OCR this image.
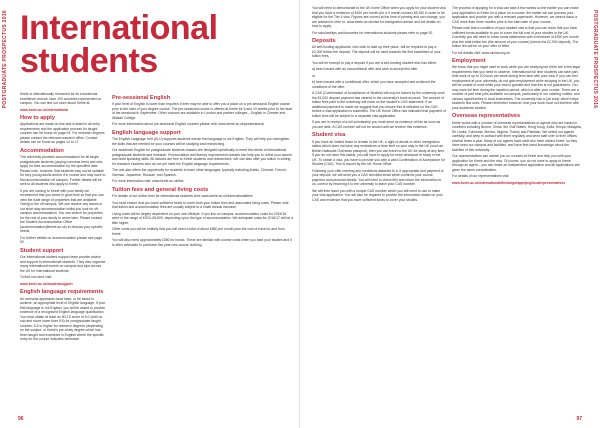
POSTGRADUATE PROSPECTUS 2016 International students

Keele is internationally renowned for its educational excellence and we have 100 countries represented on campus. You can find out more about Keele at:

www.keele.ac.uk/international
How to apply

Applications are made on-line and is listed in all entry requirements and the application process for taught courses can be found on page 94. For research degrees please contact the relevant research office. Contact details can be found on pages 14 to 17.

Accommodation

The university provides accommodation for all single postgraduate students (paying overseas fees) and who apply for their accommodation by the specified date. Please note, however, that students may not be suitable for very young adults and/or if in course and may have to find accommodation off campus. Further details will be sent to all students who apply to Keele.

If you are coming to Keele with your family we recommend that you arrive in good time so that you can view the wide range of properties that are available. Owing to the off campus. We can resolve any issues in our short stay accommodation whilst you look for off campus accommodation. You can search for properties for the rest of your family to arrive later. Please contact the Student Accommodation Office (accommodation@keele.ac.uk) to discuss your specific needs.

For further details on accommodation please see page 92.

Student support

Our International student support team provide advice and support to international students. They also organise many international events on campus and trips across the UK for international students.

To find out more visit:

www.keele.ac.uk/studentsupport
English language requirements

All overseas applicants must have, or be about to achieve, an appropriate level of English language. If your first language is not English, you will be asked to provide evidence of a recognised English language qualification. You must obtain at least an IELTS score of 6.0 (with no sub-test score lower than 5.5) for postgraduate taught courses; 6.5 or higher for research degrees (depending on the subject, or Keele's pre-study degree which has been taught and examined in English where the specific entry for the course indicates otherwise.

Pre-sessional English

If your level of English is lower than required, Keele may be able to offer you a place on a pre-sessional English course prior to the start of your degree course. The pre-sessional course is offered at Keele for 6 and 10 weeks prior to the start of the sessional in September. Other courses are available in London and partner colleges – English in Chester and Walsall College.

For more information about pre-sessional English courses please visit: www.keele.ac.uk/presessional

English language support

The English Language Unit (ELU) supports students whose first language is not English. They will help you strengthen the skills that are needed for your courses will be studying and researching.

Our academic English for postgraduate students classes are designed specifically to meet the needs of international postgraduate students and research. Pronunciation and fluency improvement classes can help you to refine your accent and build speaking skills. All classes are free to Keele students and researchers. We can also offer you tuition in writing for research students who do not yet meet the English language requirements.

The unit also offers the opportunity for students to learn other languages, typically including Arabic, Chinese, French, German, Japanese, Russian, and Spanish.

For more information visit: www.keele.ac.uk/lfac

Tuition fees and general living costs

For details of our tuition fees for international students visit: www.keele.ac.uk/internationalfees

You must ensure that you have sufficient funds to cover both your tuition fees and associated living costs. Please note that tuition and accommodation fees are usually subject to a small annual increase.

Living costs will be largely dependent on your own lifestyle. If you live on campus, accommodation costs for 2015/16 were in the range of £003–£5,800, depending upon the type of accommodation. We anticipate costs for 2016/17 will be a little higher.

Other costs you will be unlikely that you will need a total of about £860 per month plus the cost of travel to and from Keele.

You will also need approximately £350 for books. These are familiar with course costs when you start your studies and it is often advisable to purchase this year new course clothing.

96

You will need to demonstrate to the UK home Office when you apply for your student visa that you have a minimum of £920 per month (for a 9 month course) £8,280 in order to be eligible for the Tier 4 visa. Figures are correct at the time of printing and can change, you are advised to refer to: www.keele.ac.uk/visa for immigration advice and full details on how to apply.

For scholarships and bursaries for international students please refer to page 92.

Deposits

All self-funding applicants, who wish to take up their place, will be required to pay a £2,000 tuition fee deposit. The deposit will be used towards the first instalment of your tuition fees.

You will be exempt to pay a deposit if you are a self-funding student who has either:

a) been issued with an unconditional offer and wish to accept this offer

or

b) been issued with a conditional offer, which you have accepted and achieved the conditions of the offer.

A CAS (Confirmation of Acceptance of Studies) will only be issued by the university once the £2,000 deposit payment has cleared in the university's bank account. The amount of tuition fees paid to the university will show on the student's CAS statement. If an additional payment is made we suggest that you ensure this is reflected on the CAS before a visa application is submitted. The UK Home Office has indicated that payment of tuition fees will be subject to a separate visa application.

If you are in receipt of a full scholarship you must send us evidence of this as soon as you are able. A CAS number will not be issued until we receive this evidence.

Student visa

If you have an limited leave to remain in the UK, a right of abode or other immigration status which does not have any restrictions or time limit on your stay in the UK (such as British Nationals Overseas passport), then you can travel to the UK for study at any time. If you do not have this status, you will have to apply for entry clearance to study in the UK. To obtain a visa, you have to provide you with a valid Confirmation of Acceptance for Studies (CAS). This is issued by the UK Home Office.

Following your offer meeting any conditions attached to it, if appropriate and payment of your deposit, we will send you a CAS checklist email which confirms your course, payment and personal details. You will need to check this and return the information to us, correct by returning it to the university to leave your CAS number.

We will then issue you with a unique CAS number which you will need to use to make your visa application. You will also be required to provide the information stated on your CAS and evidence that you have sufficient funds to cover your studies.

The process of applying for a visa can take a few weeks so the earlier you can make your application to Keele for a place on a course, the earlier we can process your application and provide you with a relevant paperwork. However, we cannot issue a CAS more than three months prior to the start date of your course.

Please note that a condition of your student visa is that you can show that you have sufficient funds available to you to cover the full cost of your studies in the UK. Currently you will need to show funds statements with a minimum of £920 per month plus the total tuition fee (the amount of your course) (minus the £2,000 deposit). The tuition fee will be on your offer of letter.

For full details visit: www.ukcisa.org.uk

Employment

We know that you might want to work while you are studying but there are a few legal requirements that you need to observe. International full time students can take part-time work of up to 20 hours per week during term time with your visa. If you can find employment at your university, do not gain employment while studying in the UK, you will be unable to work while your visa is granted and that this is not guaranteed. You may work full time during the vacation period, which is after your course. There are a number of part time jobs available on campus, particularly in our catering outlets, and various opportunities in local businesses. The university has a 'job shop' which helps students find work. Please remember however, that your work must not interfere with your academic studies.

Overseas representatives

Keele works with a number of overseas representatives or agents who are based in countries including Brunei, China, the Gulf States, Hong Kong, India, Kenya, Malaysia, Sri Lanka, Colombia, Mexico, Nigeria, Turkey and Pakistan. We select our agents carefully, and keep in contact with them regularly and send staff over to their offices several times a year. Many of our agents have staff who have visited Keele, so they have seen our campus and facilities, and have first-hand knowledge about the facilities of this university.

Our representatives can advise you on courses at Keele and help you with your application for Keele and the visa. Of course, you do not have to apply to Keele through an agent – you can make an independent application and all applications are given the same consideration.

For details of our representatives visit:

www.keele.ac.uk/international/thinkingofapplying/localrepresentatives
POSTGRADUATE PROSPECTUS 2016
97
